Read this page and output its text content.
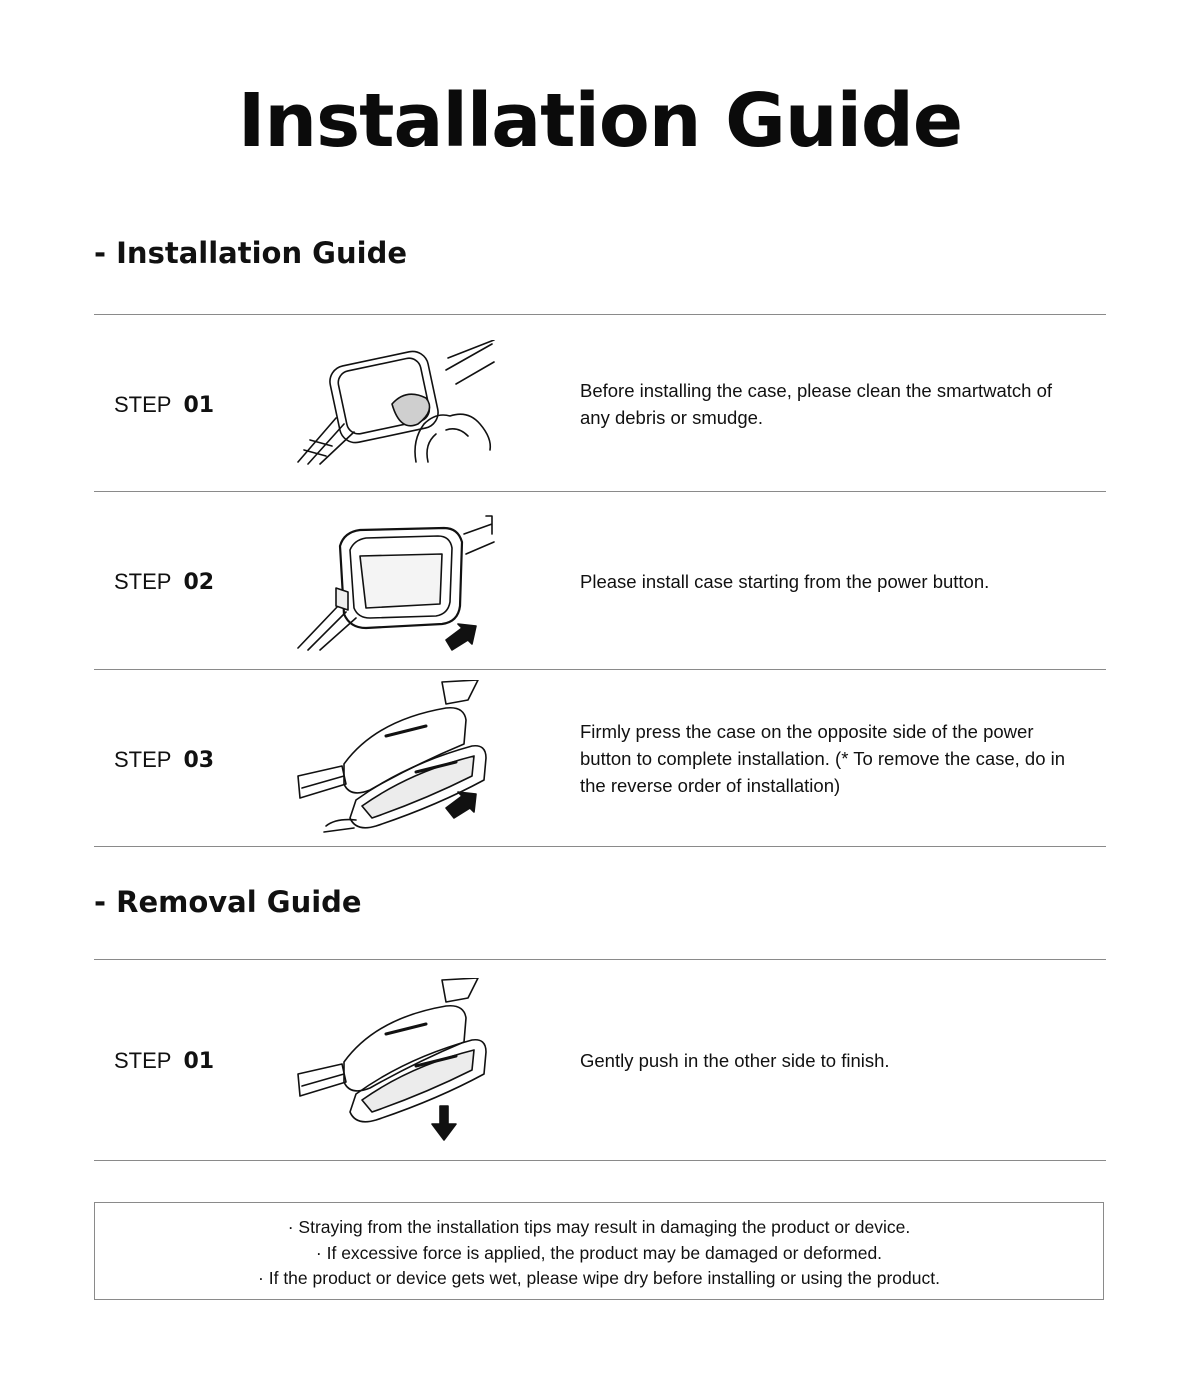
Installation Guide
- Installation Guide
STEP 01
Before installing the case, please clean the smartwatch of any debris or smudge.
STEP 02	Please install case starting from the power button.
STEP 03
Firmly press the case on the opposite side of the power button to complete installation. (* To remove the case, do in the reverse order of installation)
- Removal Guide
STEP 01	Gently push in the other side to finish.
· Straying from the installation tips may result in damaging the product or device.
· If excessive force is applied, the product may be damaged or deformed.
· If the product or device gets wet, please wipe dry before installing or using the product.
